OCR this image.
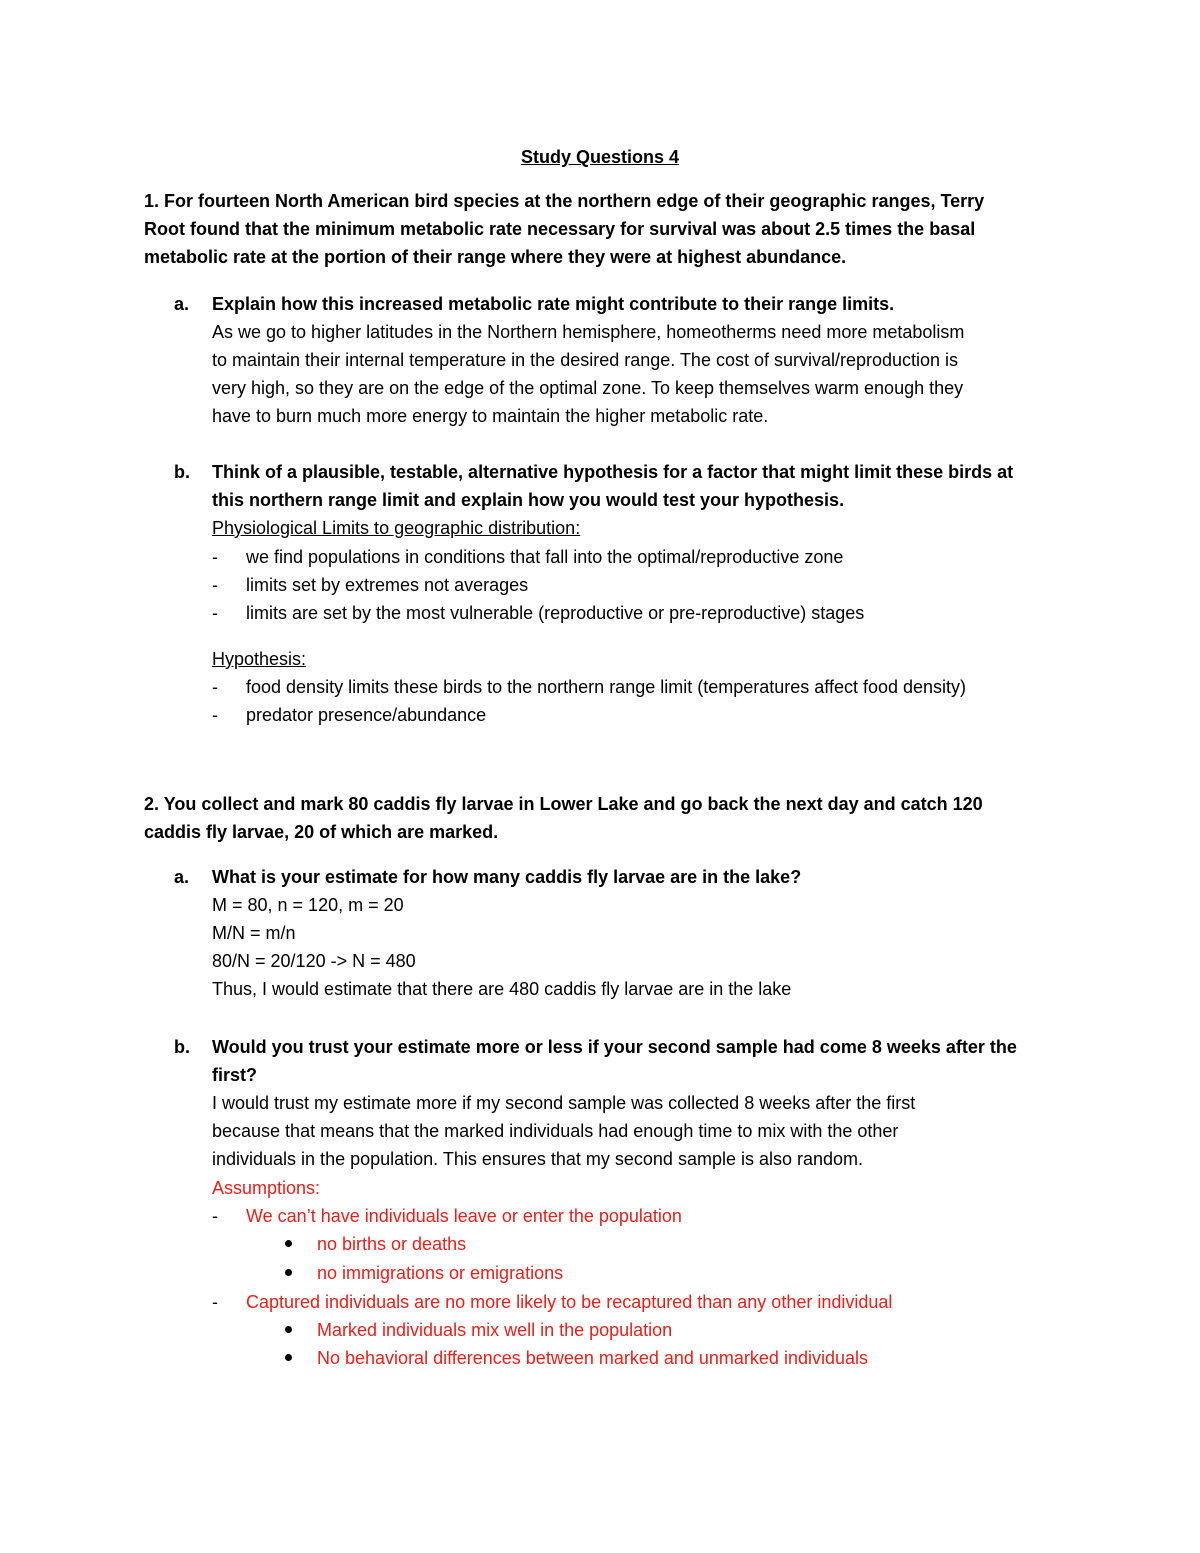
Study Questions 4
1. For fourteen North American bird species at the northern edge of their geographic ranges, Terry
Root found that the minimum metabolic rate necessary for survival was about 2.5 times the basal
metabolic rate at the portion of their range where they were at highest abundance.
a. Explain how this increased metabolic rate might contribute to their range limits.
As we go to higher latitudes in the Northern hemisphere, homeotherms need more metabolism
to maintain their internal temperature in the desired range. The cost of survival/reproduction is
very high, so they are on the edge of the optimal zone. To keep themselves warm enough they
have to burn much more energy to maintain the higher metabolic rate.
b. Think of a plausible, testable, alternative hypothesis for a factor that might limit these birds at
this northern range limit and explain how you would test your hypothesis.
Physiological Limits to geographic distribution:
- we find populations in conditions that fall into the optimal/reproductive zone
- limits set by extremes not averages
- limits are set by the most vulnerable (reproductive or pre-reproductive) stages
Hypothesis:
- food density limits these birds to the northern range limit (temperatures affect food density)
- predator presence/abundance
2. You collect and mark 80 caddis fly larvae in Lower Lake and go back the next day and catch 120
caddis fly larvae, 20 of which are marked.
a. What is your estimate for how many caddis fly larvae are in the lake?
M = 80, n = 120, m = 20
M/N = m/n
80/N = 20/120 -> N = 480
Thus, I would estimate that there are 480 caddis fly larvae are in the lake
b. Would you trust your estimate more or less if your second sample had come 8 weeks after the
first?
I would trust my estimate more if my second sample was collected 8 weeks after the first
because that means that the marked individuals had enough time to mix with the other
individuals in the population. This ensures that my second sample is also random.
Assumptions:
- We can’t have individuals leave or enter the population
no births or deaths
no immigrations or emigrations
- Captured individuals are no more likely to be recaptured than any other individual
Marked individuals mix well in the population
No behavioral differences between marked and unmarked individuals
